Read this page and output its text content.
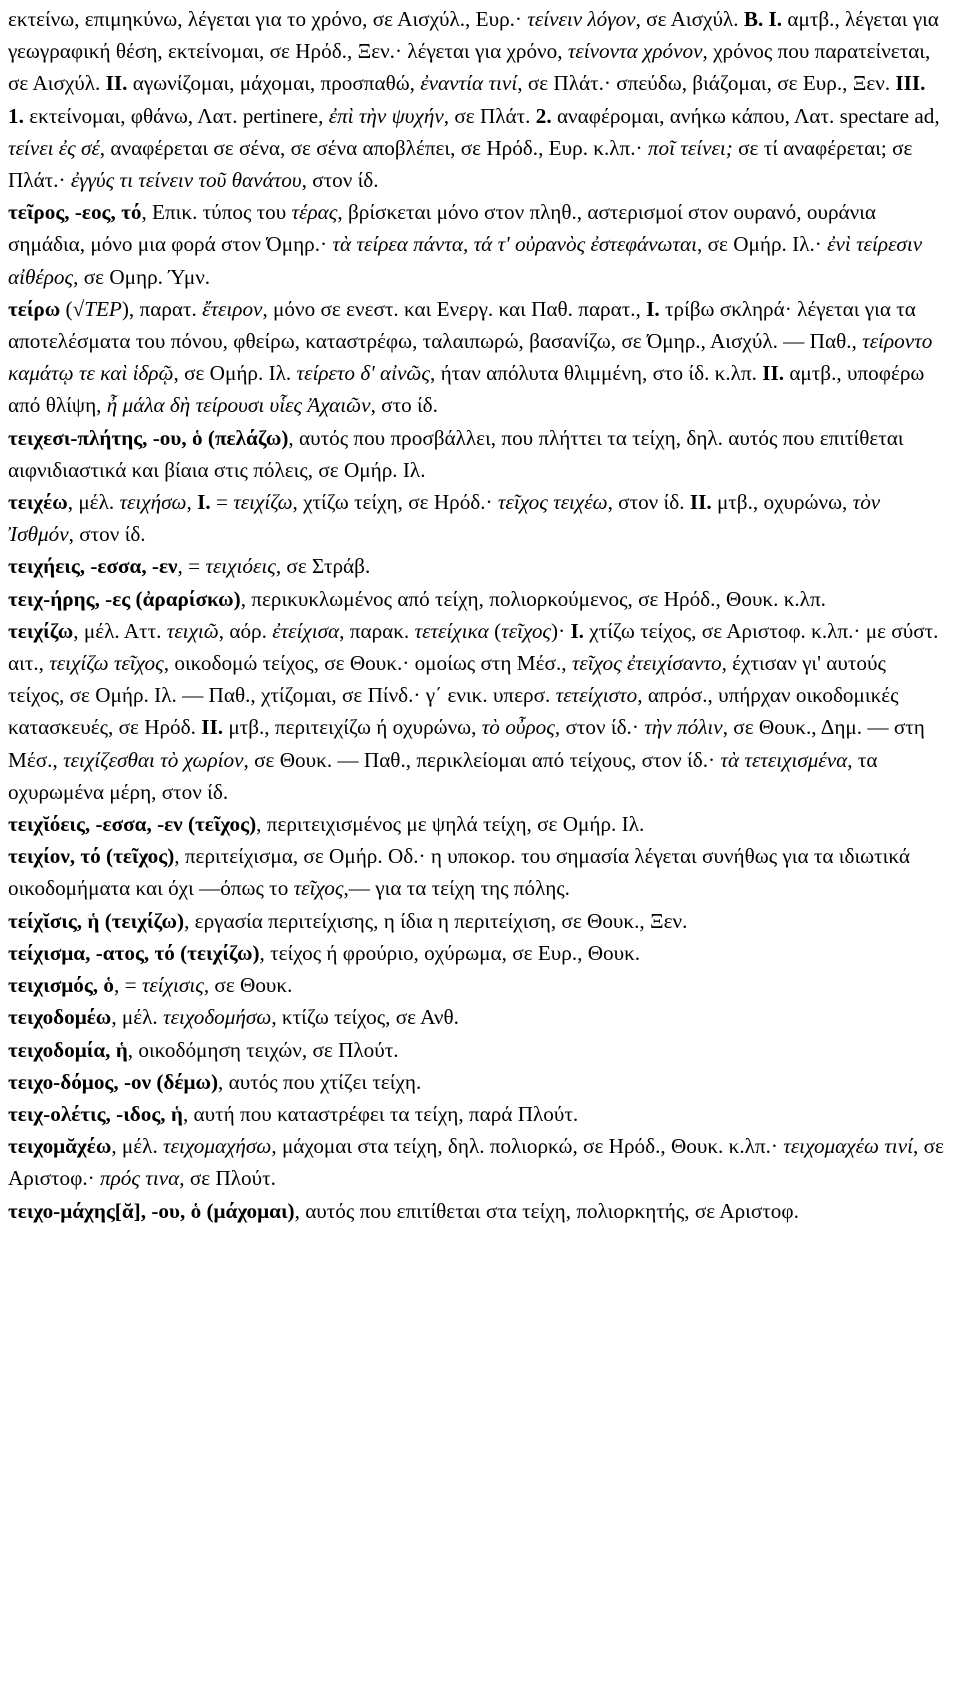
εκτείνω, επιμηκύνω, λέγεται για το χρόνο, σε Αισχύλ., Ευρ.· τείνειν λόγον, σε Αισχύλ. Β. Ι. αμτβ., λέγεται για γεωγραφική θέση, εκτείνομαι, σε Ηρόδ., Ξεν.· λέγεται για χρόνο, τείνοντα χρόνον, χρόνος που παρατείνεται, σε Αισχύλ. ΙΙ. αγωνίζομαι, μάχομαι, προσπαθώ, ἐναντία τινί, σε Πλάτ.· σπεύδω, βιάζομαι, σε Ευρ., Ξεν. ΙΙΙ. 1. εκτείνομαι, φθάνω, Λατ. pertinere, ἐπὶ τὴν ψυχήν, σε Πλάτ. 2. αναφέρομαι, ανήκω κάπου, Λατ. spectare ad, τείνει ἐς σέ, αναφέρεται σε σένα, σε σένα αποβλέπει, σε Ηρόδ., Ευρ. κ.λπ.· ποῖ τείνει; σε τί αναφέρεται; σε Πλάτ.· ἐγγύς τι τείνειν τοῦ θανάτου, στον ίδ.

τεῖρος, -εος, τό, Επικ. τύπος του τέρας, βρίσκεται μόνο στον πληθ., αστερισμοί στον ουρανό, ουράνια σημάδια, μόνο μια φορά στον Όμηρ.· τὰ τείρεα πάντα, τά τ' οὐρανὸς ἐστεφάνωται, σε Ομήρ. Ιλ.· ἐνὶ τείρεσιν αἰθέρος, σε Ομηρ. Ύμν.

τείρω (√ΤΕΡ), παρατ. ἔτειρον, μόνο σε ενεστ. και Ενεργ. και Παθ. παρατ., Ι. τρίβω σκληρά· λέγεται για τα αποτελέσματα του πόνου, φθείρω, καταστρέφω, ταλαιπωρώ, βασανίζω, σε Όμηρ., Αισχύλ. — Παθ., τείροντο καμάτῳ τε καὶ ἱδρῷ, σε Ομήρ. Ιλ. τείρετο δ' αἰνῶς, ήταν απόλυτα θλιμμένη, στο ίδ. κ.λπ. ΙΙ. αμτβ., υποφέρω από θλίψη, ἦ μάλα δὴ τείρουσι υἷες Ἀχαιῶν, στο ίδ.

τειχεσι-πλήτης, -ου, ὁ (πελάζω), αυτός που προσβάλλει, που πλήττει τα τείχη, δηλ. αυτός που επιτίθεται αιφνιδιαστικά και βίαια στις πόλεις, σε Ομήρ. Ιλ.

τειχέω, μέλ. τειχήσω, Ι. = τειχίζω, χτίζω τείχη, σε Ηρόδ.· τεῖχος τειχέω, στον ίδ. ΙΙ. μτβ., οχυρώνω, τὸν Ἰσθμόν, στον ίδ.

τειχήεις, -εσσα, -εν, = τειχιόεις, σε Στράβ.

τειχ-ήρης, -ες (ἀραρίσκω), περικυκλωμένος από τείχη, πολιορκούμενος, σε Ηρόδ., Θουκ. κ.λπ.

τειχίζω, μέλ. Αττ. τειχιῶ, αόρ. ἐτείχισα, παρακ. τετείχικα (τεῖχος)· Ι. χτίζω τείχος, σε Αριστοφ. κ.λπ.· με σύστ. αιτ., τειχίζω τεῖχος, οικοδομώ τείχος, σε Θουκ.· ομοίως στη Μέσ., τεῖχος ἐτειχίσαντο, έχτισαν γι' αυτούς τείχος, σε Ομήρ. Ιλ. — Παθ., χτίζομαι, σε Πίνδ.· γ΄ ενικ. υπερσ. τετείχιστο, απρόσ., υπήρχαν οικοδομικές κατασκευές, σε Ηρόδ. ΙΙ. μτβ., περιτειχίζω ή οχυρώνω, τὸ οὖρος, στον ίδ.· τὴν πόλιν, σε Θουκ., Δημ. — στη Μέσ., τειχίζεσθαι τὸ χωρίον, σε Θουκ. — Παθ., περικλείομαι από τείχους, στον ίδ.· τὰ τετειχισμένα, τα οχυρωμένα μέρη, στον ίδ.

τειχῐόεις, -εσσα, -εν (τεῖχος), περιτειχισμένος με ψηλά τείχη, σε Ομήρ. Ιλ.

τειχίον, τό (τεῖχος), περιτείχισμα, σε Ομήρ. Οδ.· η υποκορ. του σημασία λέγεται συνήθως για τα ιδιωτικά οικοδομήματα και όχι —όπως το τεῖχος,— για τα τείχη της πόλης.

τείχῐσις, ἡ (τειχίζω), εργασία περιτείχισης, η ίδια η περιτείχιση, σε Θουκ., Ξεν.

τείχισμα, -ατος, τό (τειχίζω), τείχος ή φρούριο, οχύρωμα, σε Ευρ., Θουκ.

τειχισμός, ὁ, = τείχισις, σε Θουκ.

τειχοδομέω, μέλ. τειχοδομήσω, κτίζω τείχος, σε Ανθ.

τειχοδομία, ἡ, οικοδόμηση τειχών, σε Πλούτ.

τειχο-δόμος, -ον (δέμω), αυτός που χτίζει τείχη.

τειχ-ολέτις, -ιδος, ἡ, αυτή που καταστρέφει τα τείχη, παρά Πλούτ.

τειχομᾰχέω, μέλ. τειχομαχήσω, μάχομαι στα τείχη, δηλ. πολιορκώ, σε Ηρόδ., Θουκ. κ.λπ.· τειχομαχέω τινί, σε Αριστοφ.· πρός τινα, σε Πλούτ.

τειχο-μάχης[ᾰ], -ου, ὁ (μάχομαι), αυτός που επιτίθεται στα τείχη, πολιορκητής, σε Αριστοφ.
